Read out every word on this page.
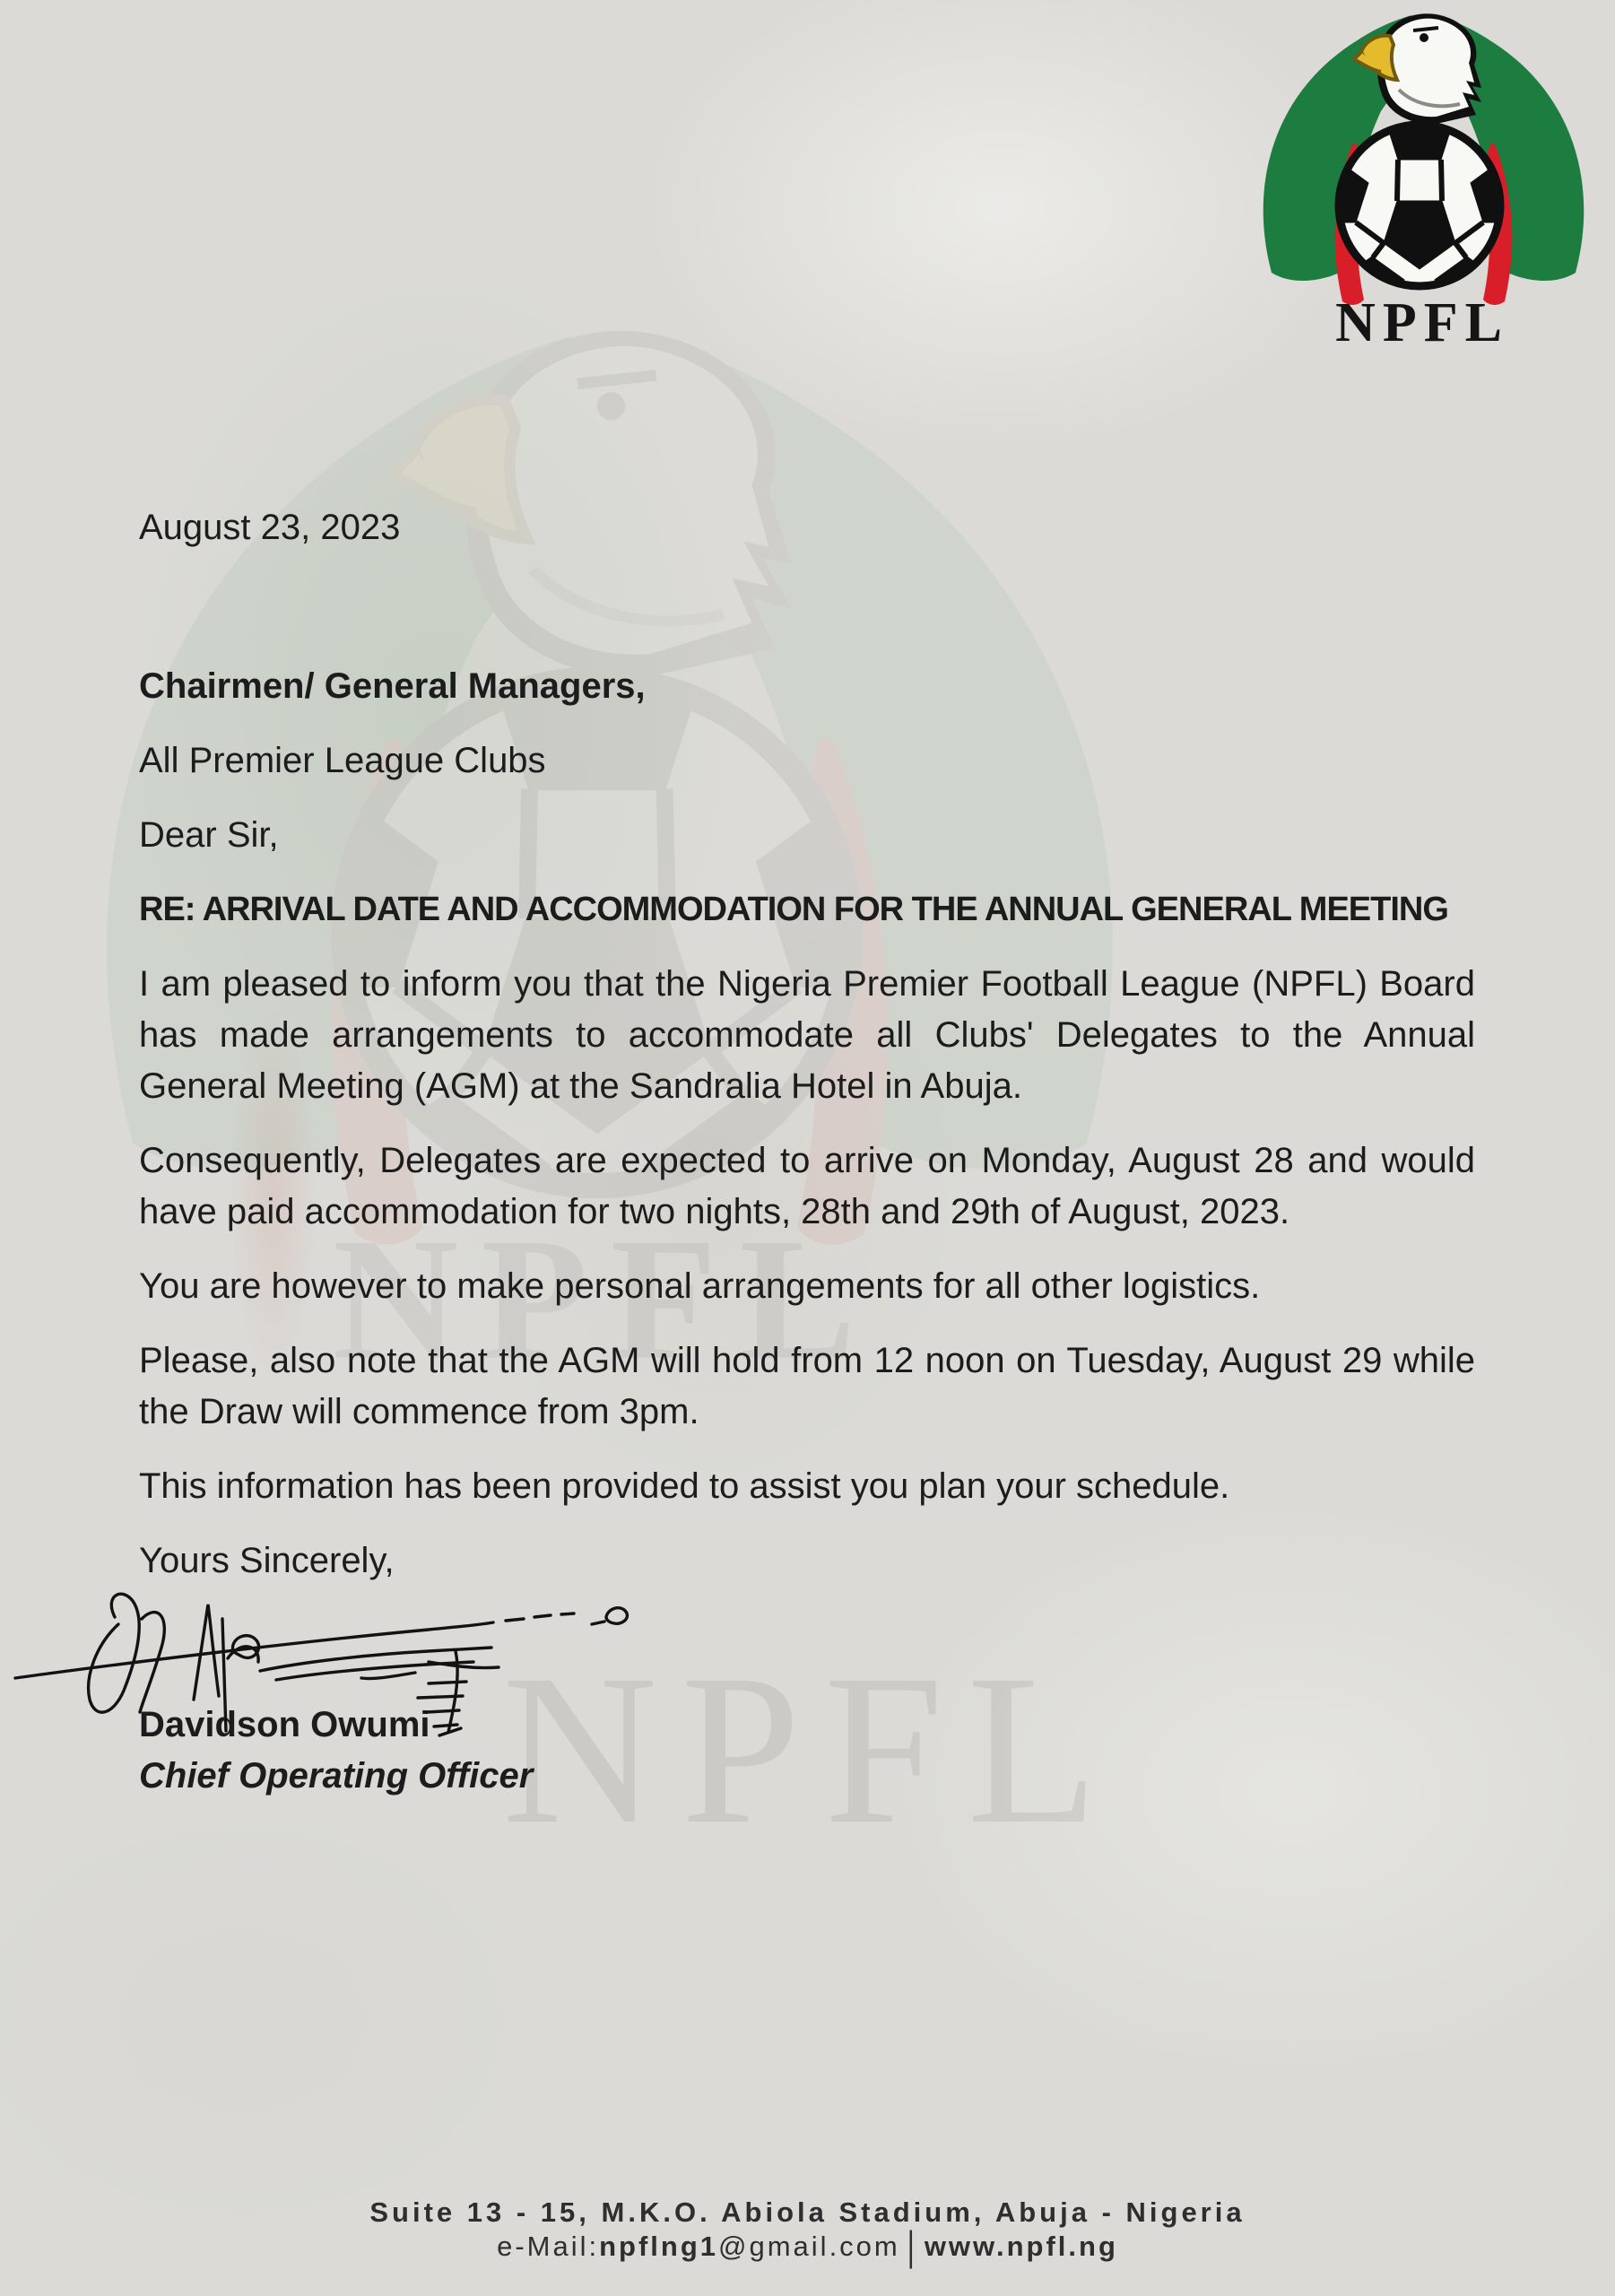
NPFL
August 23, 2023
Chairmen/ General Managers,
All Premier League Clubs
Dear Sir,
RE: ARRIVAL DATE AND ACCOMMODATION FOR THE ANNUAL GENERAL MEETING
I am pleased to inform you that the Nigeria Premier Football League (NPFL) Board
has made arrangements to accommodate all Clubs' Delegates to the Annual
General Meeting (AGM) at the Sandralia Hotel in Abuja.
Consequently, Delegates are expected to arrive on Monday, August 28 and would
have paid accommodation for two nights, 28th and 29th of August, 2023.
You are however to make personal arrangements for all other logistics.
Please, also note that the AGM will hold from 12 noon on Tuesday, August 29 while
the Draw will commence from 3pm.
This information has been provided to assist you plan your schedule.
Yours Sincerely,
Davidson Owumi
Chief Operating Officer
Suite 13 - 15, M.K.O. Abiola Stadium, Abuja - Nigeria
e-Mail:npflng1@gmail.com | www.npfl.ng
